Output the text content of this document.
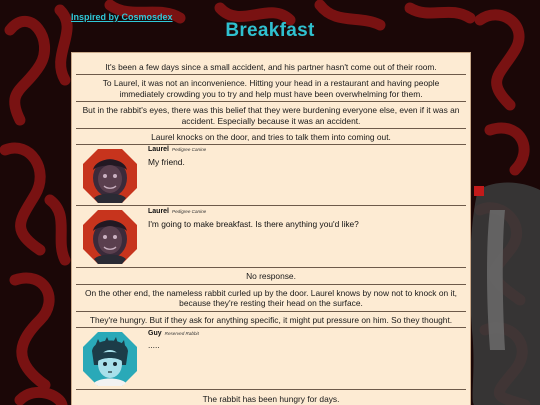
Inspired by Cosmosdex
Breakfast
It's been a few days since a small accident, and his partner hasn't come out of their room.
To Laurel, it was not an inconvenience. Hitting your head in a restaurant and having people immediately crowding you to try and help must have been overwhelming for them.
But in the rabbit's eyes, there was this belief that they were burdening everyone else, even if it was an accident. Especially because it was an accident.
Laurel knocks on the door, and tries to talk them into coming out.
Laurel Pedigree Canine
My friend.
Laurel Pedigree Canine
I'm going to make breakfast. Is there anything you'd like?
No response.
On the other end, the nameless rabbit curled up by the door. Laurel knows by now not to knock on it, because they're resting their head on the surface.
They're hungry. But if they ask for anything specific, it might put pressure on him. So they thought.
Guy Reserved Rabbit
.....
The rabbit has been hungry for days.
